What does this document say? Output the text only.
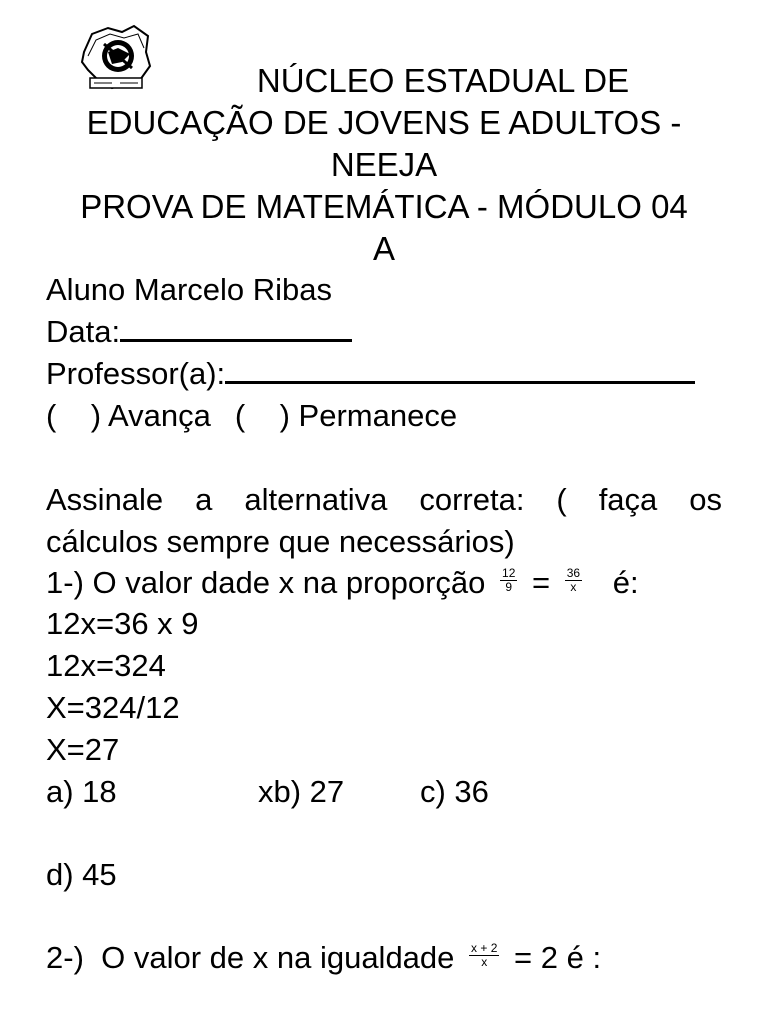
NÚCLEO ESTADUAL DE
EDUCAÇÃO DE JOVENS E ADULTOS -
NEEJA
PROVA DE MATEMÁTICA - MÓDULO 04
A
Aluno Marcelo Ribas
Data:
Professor(a):
(    ) Avança (    ) Permanece
Assinale a alternativa correta: ( faça os
cálculos sempre que necessários)
1-) O valor dade x na proporção $\frac{12}{9} = \frac{36}{x}$ é:
12x=36 x 9
12x=324
X=324/12
X=27
a) 18	xb) 27 c) 36
d) 45
2-)  O valor de x na igualdade $\frac{x + 2}{x} = 2$ é :
